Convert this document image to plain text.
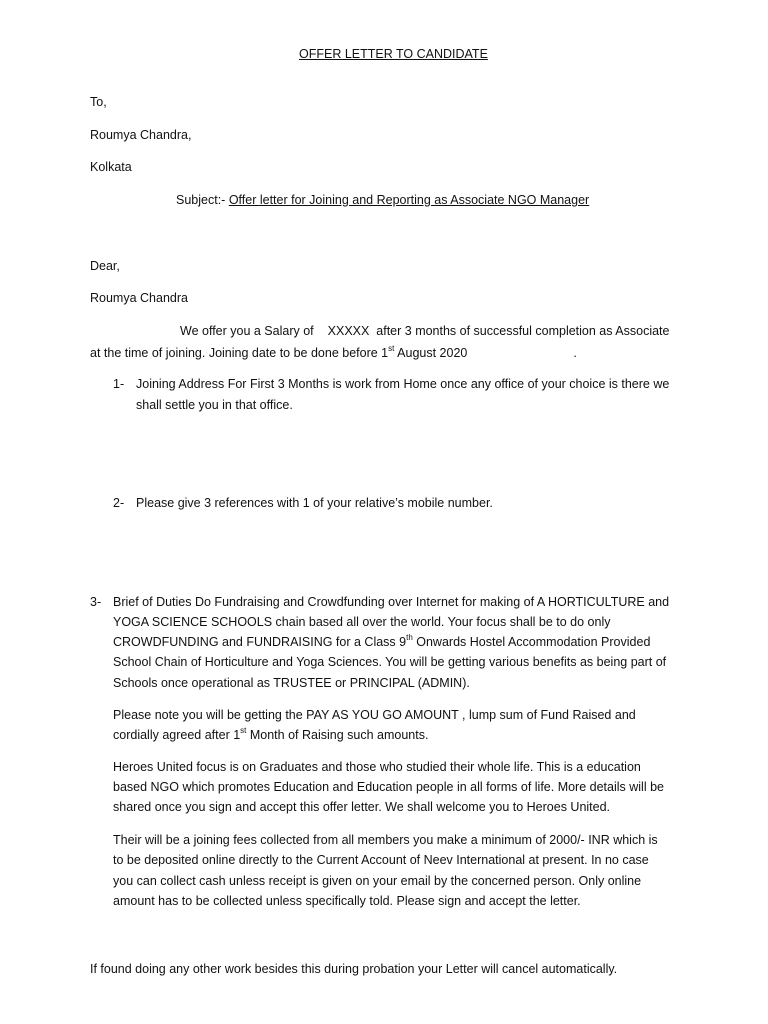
OFFER LETTER TO CANDIDATE
To,
Roumya Chandra,
Kolkata
Subject:- Offer letter for Joining and Reporting as Associate NGO Manager
Dear,
Roumya Chandra
We offer you a Salary of XXXXX after 3 months of successful completion as Associate
at the time of joining. Joining date to be done before 1st August 2020	.
1- Joining Address For First 3 Months is work from Home once any office of your choice is there we
shall settle you in that office.
2- Please give 3 references with 1 of your relative’s mobile number.
3- Brief of Duties Do Fundraising and Crowdfunding over Internet for making of A HORTICULTURE and
YOGA SCIENCE SCHOOLS chain based all over the world. Your focus shall be to do only
CROWDFUNDING and FUNDRAISING for a Class 9th Onwards Hostel Accommodation Provided
School Chain of Horticulture and Yoga Sciences. You will be getting various benefits as being part of
Schools once operational as TRUSTEE or PRINCIPAL (ADMIN).
Please note you will be getting the PAY AS YOU GO AMOUNT , lump sum of Fund Raised and
cordially agreed after 1st Month of Raising such amounts.
Heroes United focus is on Graduates and those who studied their whole life. This is a education
based NGO which promotes Education and Education people in all forms of life. More details will be
shared once you sign and accept this offer letter. We shall welcome you to Heroes United.
Their will be a joining fees collected from all members you make a minimum of 2000/- INR which is
to be deposited online directly to the Current Account of Neev International at present. In no case
you can collect cash unless receipt is given on your email by the concerned person. Only online
amount has to be collected unless specifically told. Please sign and accept the letter.
If found doing any other work besides this during probation your Letter will cancel automatically.
